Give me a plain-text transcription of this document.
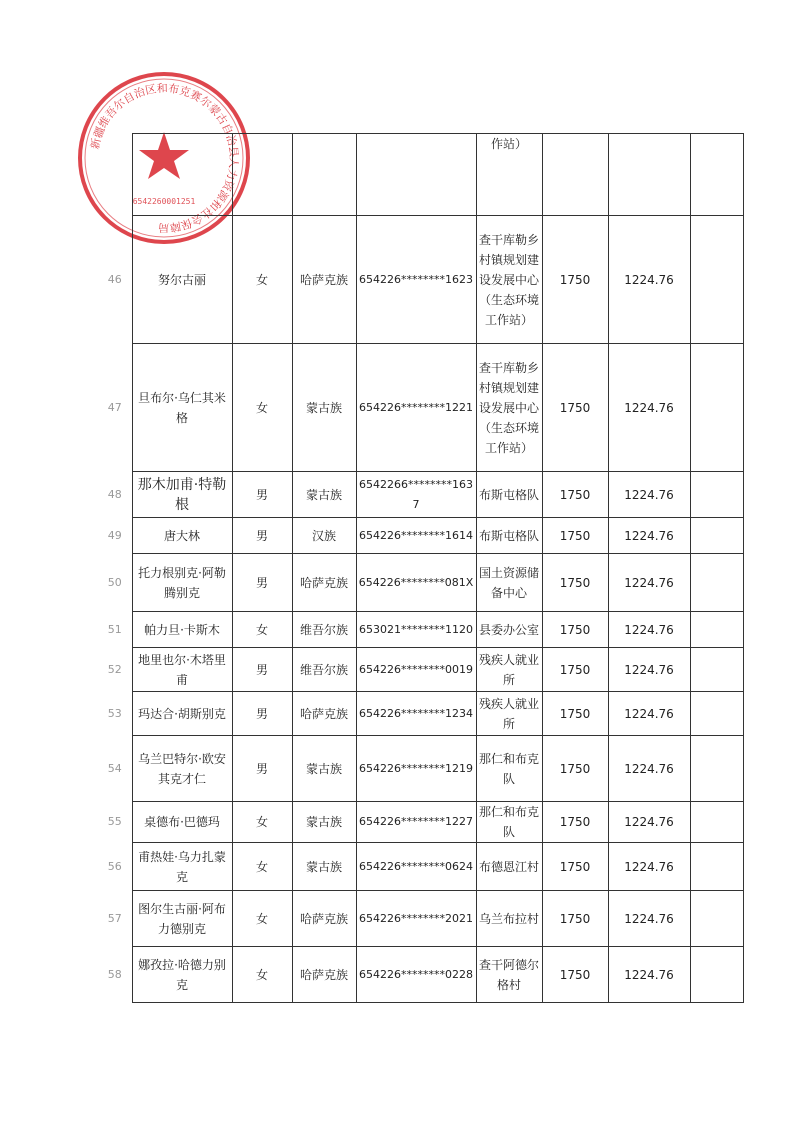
新疆维吾尔自治区和布克赛尔蒙古自治县人力资源和社会保障局
6542260001251
					作站）			
46	努尔古丽	女	哈萨克族	654226********1623	查干库勒乡村镇规划建设发展中心（生态环境工作站）	1750	1224.76	
47	旦布尔·乌仁其米格	女	蒙古族	654226********1221	查干库勒乡村镇规划建设发展中心（生态环境工作站）	1750	1224.76	
48	那木加甫·特勒根	男	蒙古族	6542266********1637	布斯屯格队	1750	1224.76	
49	唐大林	男	汉族	654226********1614	布斯屯格队	1750	1224.76	
50	托力根别克·阿勒腾别克	男	哈萨克族	654226********081X	国土资源储备中心	1750	1224.76	
51	帕力旦·卡斯木	女	维吾尔族	653021********1120	县委办公室	1750	1224.76	
52	地里也尔·木塔里甫	男	维吾尔族	654226********0019	残疾人就业所	1750	1224.76	
53	玛达合·胡斯别克	男	哈萨克族	654226********1234	残疾人就业所	1750	1224.76	
54	乌兰巴特尔·欧安其克才仁	男	蒙古族	654226********1219	那仁和布克队	1750	1224.76	
55	桌德布·巴德玛	女	蒙古族	654226********1227	那仁和布克队	1750	1224.76	
56	甫热娃·乌力扎蒙克	女	蒙古族	654226********0624	布德恩江村	1750	1224.76	
57	图尔生古丽·阿布力德别克	女	哈萨克族	654226********2021	乌兰布拉村	1750	1224.76	
58	娜孜拉·哈德力别克	女	哈萨克族	654226********0228	查干阿德尔格村	1750	1224.76	
